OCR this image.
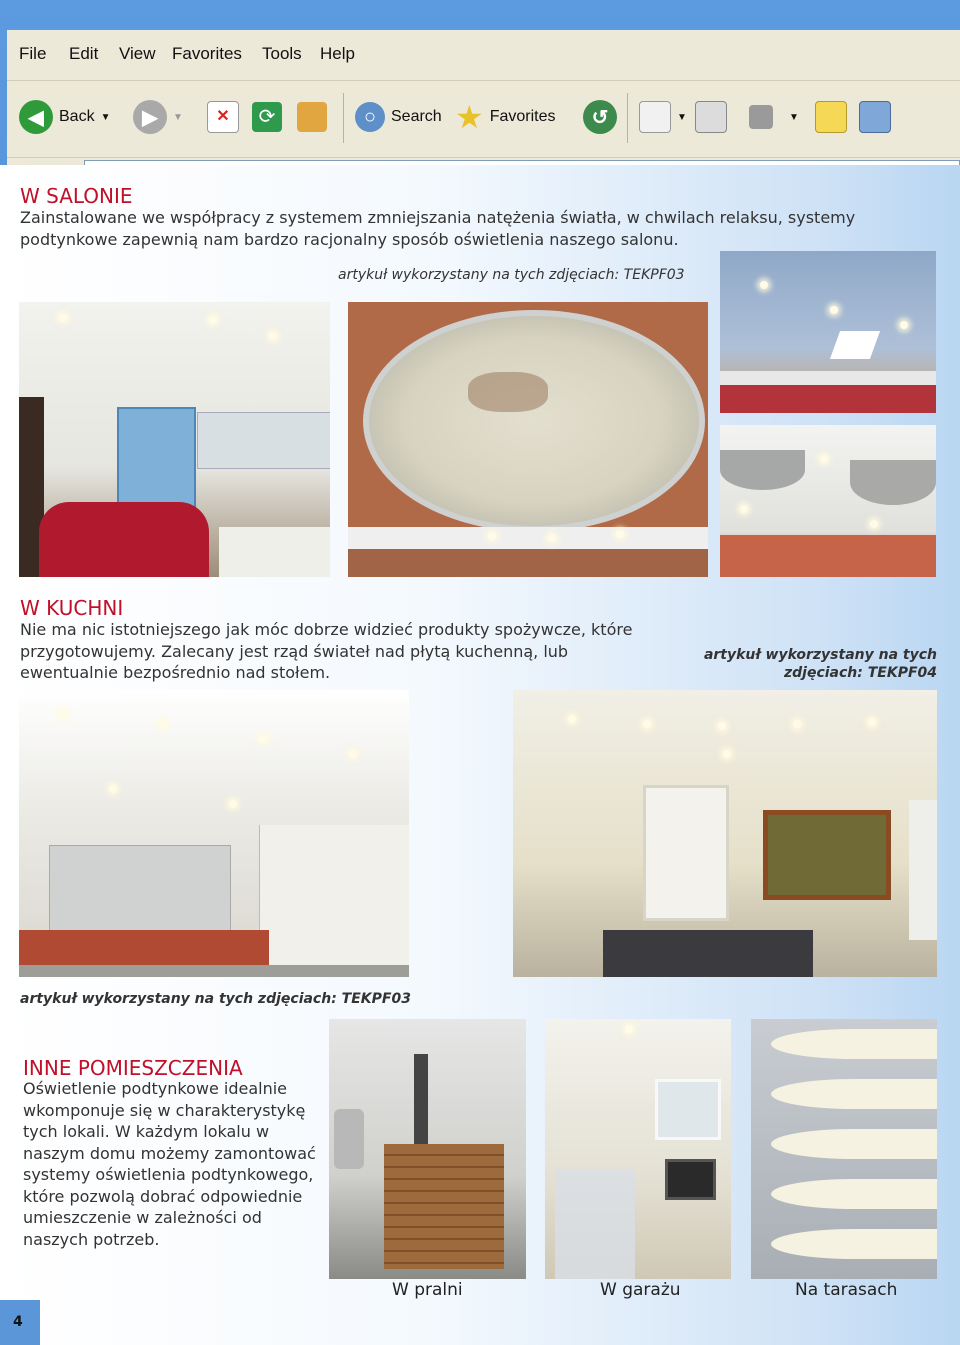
File Edit View Favorites Tools Help
◀ Back ▼	▶	▼	✕	⟳	○ Search ★ Favorites	↺	▼	▼
W SALONIE
Zainstalowane we współpracy z systemem zmniejszania natężenia światła, w chwilach relaksu, systemy podtynkowe zapewnią nam bardzo racjonalny sposób oświetlenia naszego salonu.
artykuł wykorzystany na tych zdjęciach: TEKPF03
W KUCHNI
Nie ma nic istotniejszego jak móc dobrze widzieć produkty spożywcze, które przygotowujemy. Zalecany jest rząd świateł nad płytą kuchenną, lub ewentualnie bezpośrednio nad stołem.
artykuł wykorzystany na tych
zdjęciach: TEKPF04
artykuł wykorzystany na tych zdjęciach: TEKPF03
INNE POMIESZCZENIA
Oświetlenie podtynkowe idealnie wkomponuje się w charakterystykę tych lokali. W każdym lokalu w naszym domu możemy zamontować systemy oświetlenia podtynkowego, które pozwolą dobrać odpowiednie umieszczenie w zależności od naszych potrzeb.
W pralni	W garażu	Na tarasach
4
